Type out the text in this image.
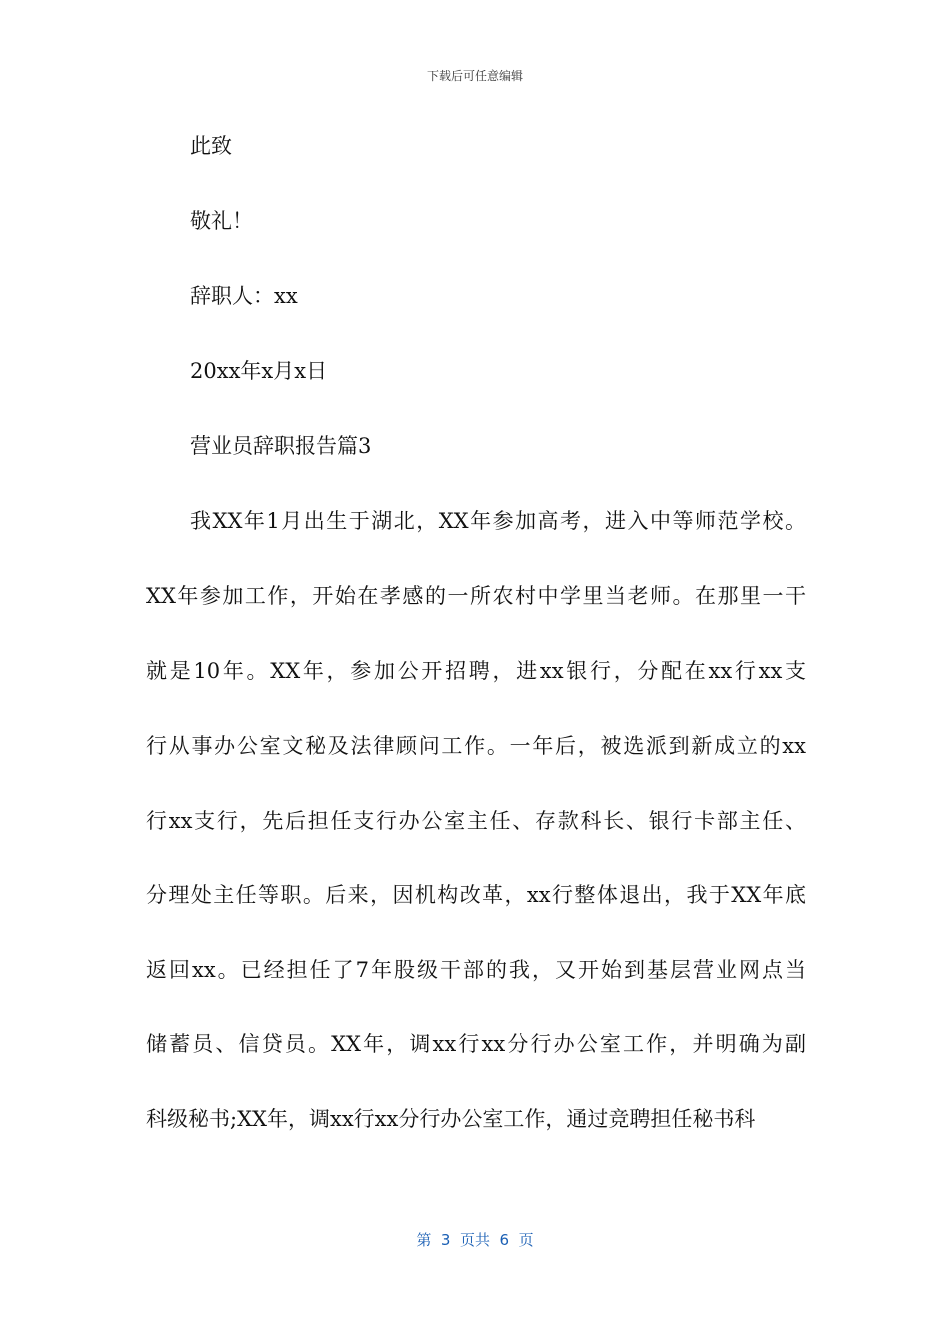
下载后可任意编辑
此致
敬礼！
辞职人：xx
20xx年x月x日
营业员辞职报告篇3
我XX年1月出生于湖北，XX年参加高考，进入中等师范学校。
XX年参加工作，开始在孝感的一所农村中学里当老师。在那里一干
就是10年。XX年，参加公开招聘，进xx银行，分配在xx行xx支
行从事办公室文秘及法律顾问工作。一年后，被选派到新成立的xx
行xx支行，先后担任支行办公室主任、存款科长、银行卡部主任、
分理处主任等职。后来，因机构改革，xx行整体退出，我于XX年底
返回xx。已经担任了7年股级干部的我，又开始到基层营业网点当
储蓄员、信贷员。XX年，调xx行xx分行办公室工作，并明确为副
科级秘书;XX年，调xx行xx分行办公室工作，通过竞聘担任秘书科
第  3  页共  6  页
